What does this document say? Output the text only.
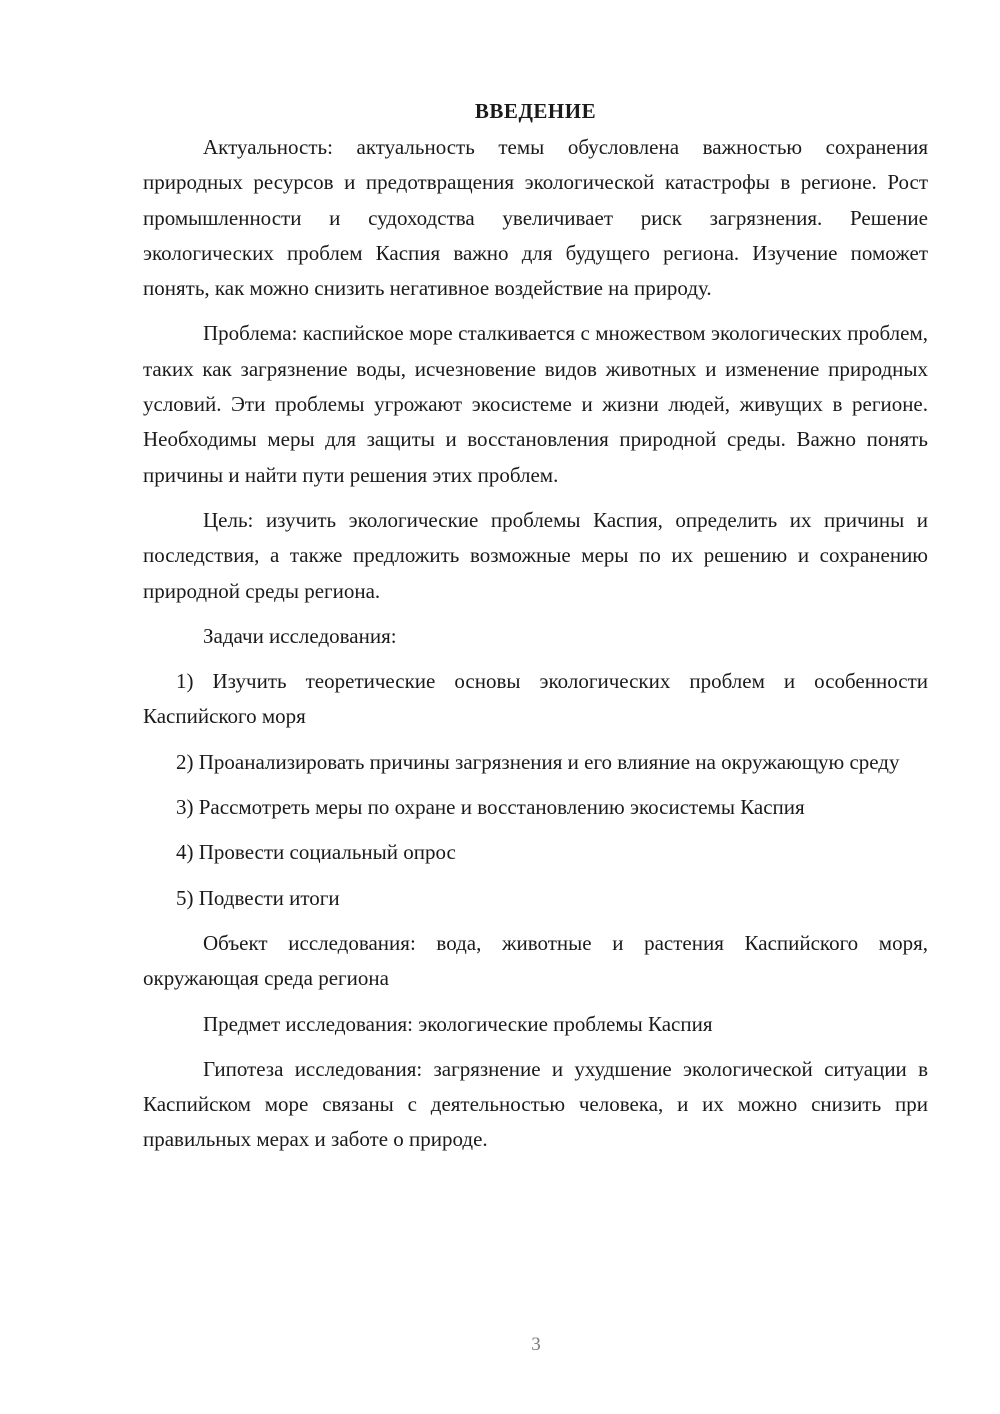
ВВЕДЕНИЕ

Актуальность: актуальность темы обусловлена важностью сохранения природных ресурсов и предотвращения экологической катастрофы в регионе. Рост промышленности и судоходства увеличивает риск загрязнения. Решение экологических проблем Каспия важно для будущего региона. Изучение поможет понять, как можно снизить негативное воздействие на природу.

Проблема: каспийское море сталкивается с множеством экологических проблем, таких как загрязнение воды, исчезновение видов животных и изменение природных условий. Эти проблемы угрожают экосистеме и жизни людей, живущих в регионе. Необходимы меры для защиты и восстановления природной среды. Важно понять причины и найти пути решения этих проблем.

Цель: изучить экологические проблемы Каспия, определить их причины и последствия, а также предложить возможные меры по их решению и сохранению природной среды региона.

Задачи исследования:

1) Изучить теоретические основы экологических проблем и особенности Каспийского моря

2) Проанализировать причины загрязнения и его влияние на окружающую среду

3) Рассмотреть меры по охране и восстановлению экосистемы Каспия

4) Провести социальный опрос

5) Подвести итоги

Объект исследования: вода, животные и растения Каспийского моря, окружающая среда региона

Предмет исследования: экологические проблемы Каспия

Гипотеза исследования: загрязнение и ухудшение экологической ситуации в Каспийском море связаны с деятельностью человека, и их можно снизить при правильных мерах и заботе о природе.

3
